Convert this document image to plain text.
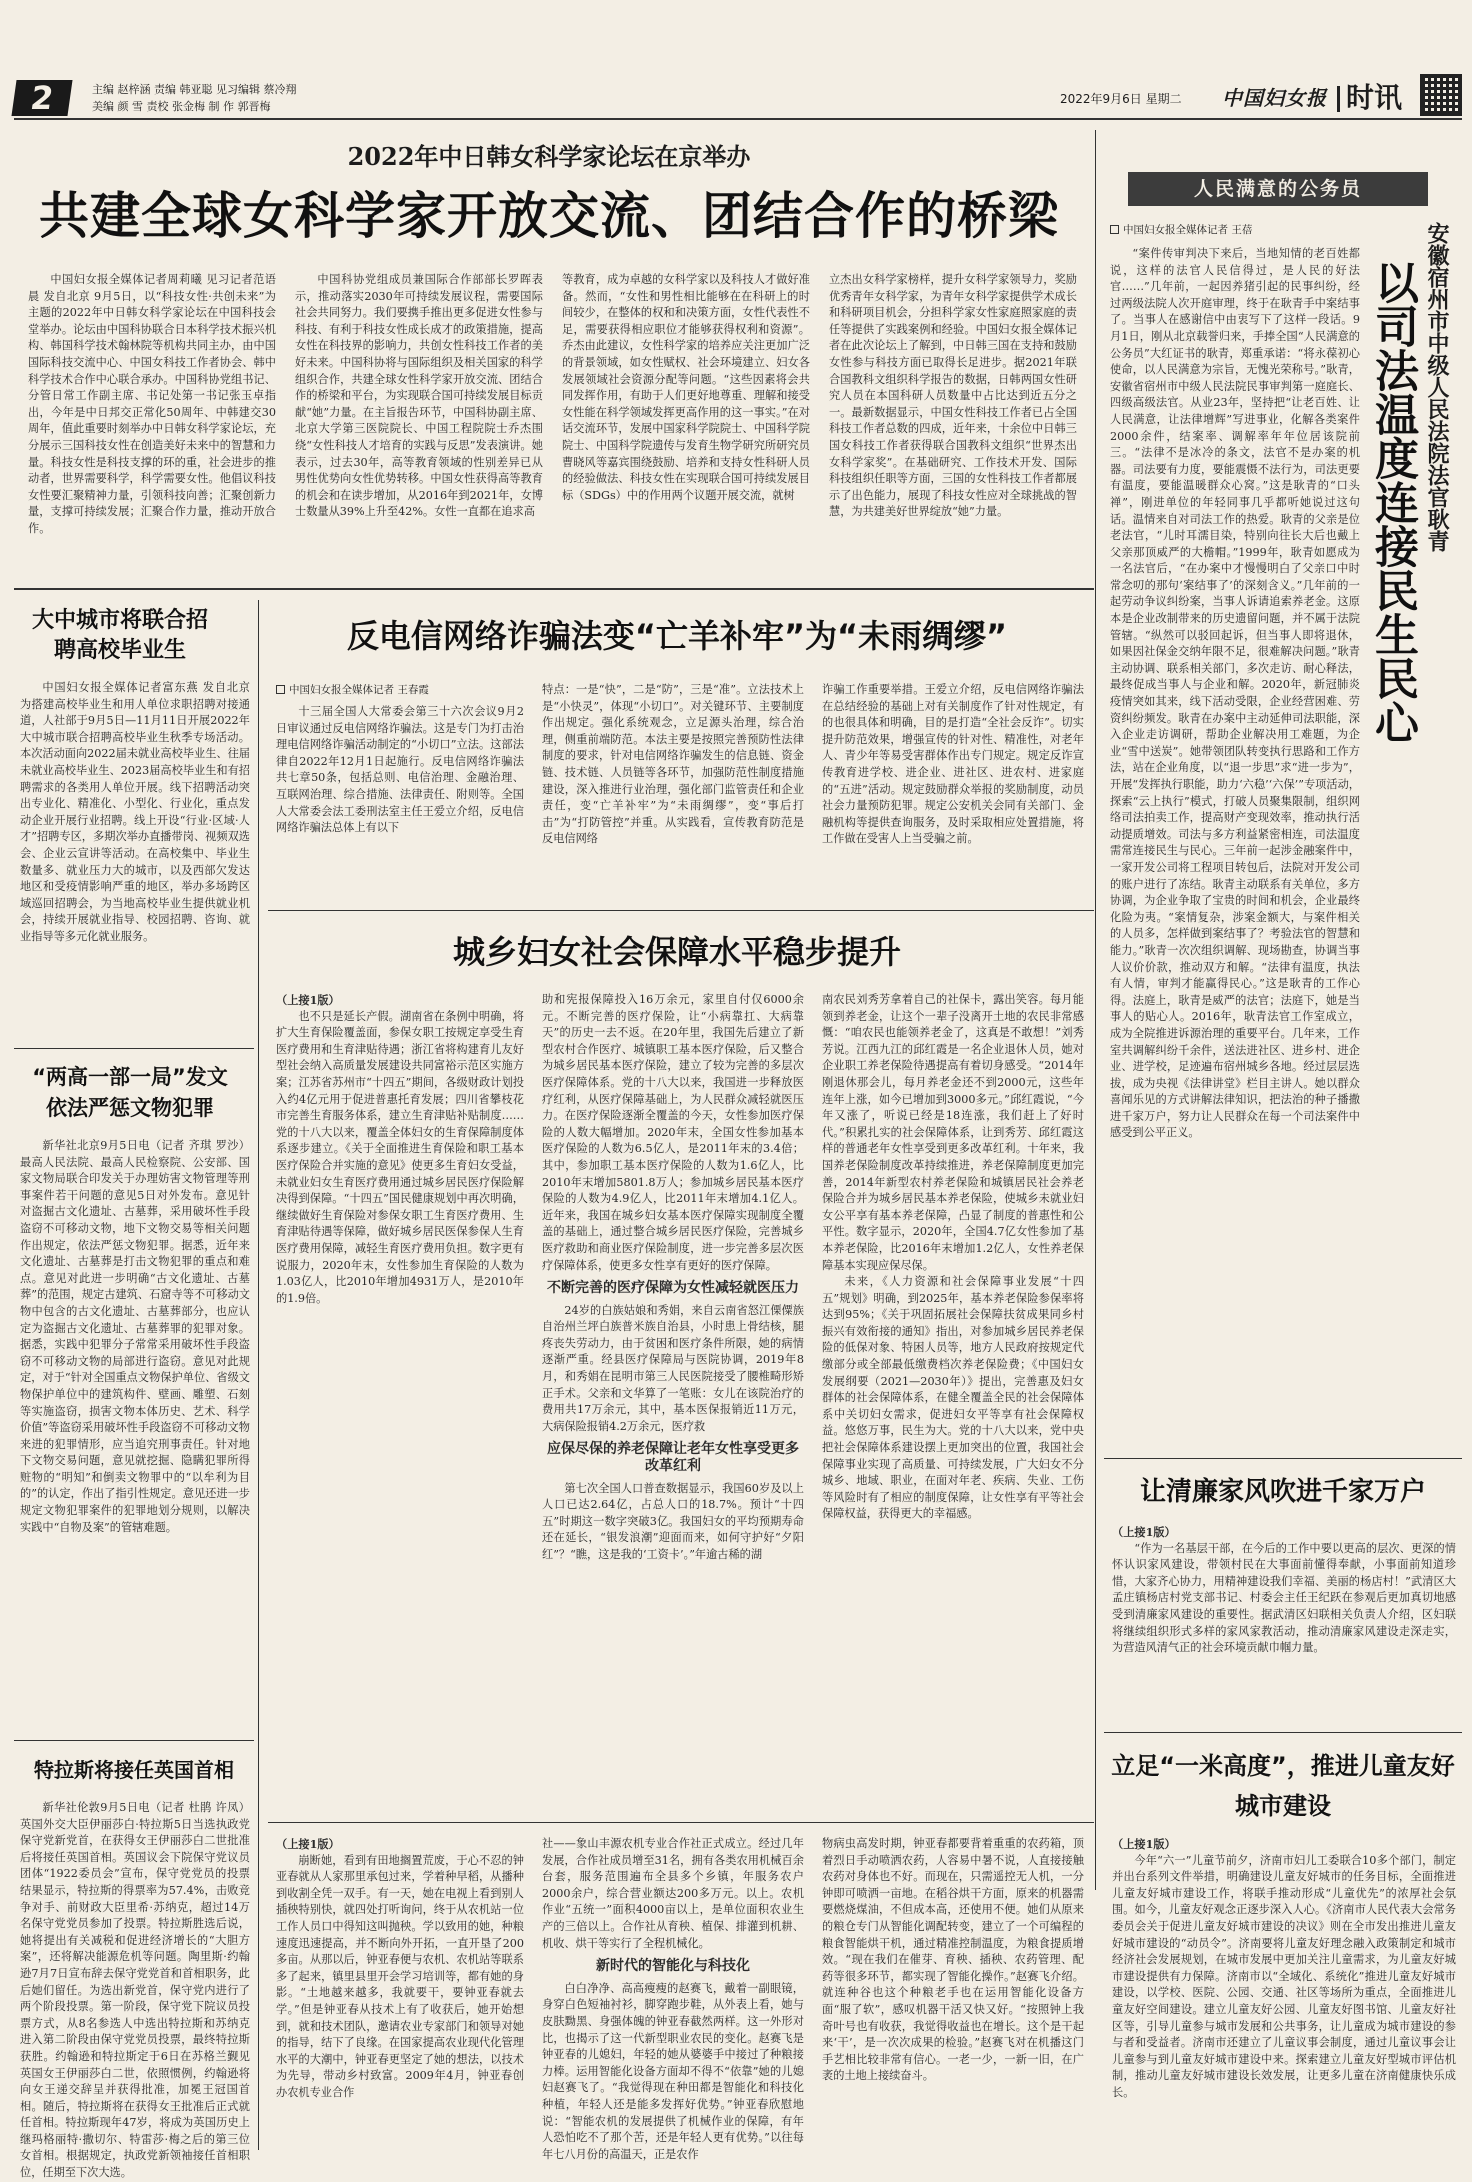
2	主编 赵梓涵 责编 韩亚聪 见习编辑 蔡冷翔
美编 颜 雪 责校 张金梅 制 作 郭晋梅
2022年9月6日 星期二	中国妇女报 时讯
2022年中日韩女科学家论坛在京举办
共建全球女科学家开放交流、团结合作的桥梁

中国妇女报全媒体记者周莉曦 见习记者范语晨 发自北京 9月5日，以“科技女性·共创未来”为主题的2022年中日韩女科学家论坛在中国科技会堂举办。论坛由中国科协联合日本科学技术振兴机构、韩国科学技术翰林院等机构共同主办，由中国国际科技交流中心、中国女科技工作者协会、韩中科学技术合作中心联合承办。中国科协党组书记、分管日常工作副主席、书记处第一书记张玉卓指出，今年是中日邦交正常化50周年、中韩建交30周年，值此重要时刻举办中日韩女科学家论坛，充分展示三国科技女性在创造美好未来中的智慧和力量。科技女性是科技支撑的环的重，社会进步的推动者，世界需要科学，科学需要女性。他倡议科技女性要汇聚精神力量，引领科技向善；汇聚创新力量，支撑可持续发展；汇聚合作力量，推动开放合作。

中国科协党组成员兼国际合作部部长罗晖表示，推动落实2030年可持续发展议程，需要国际社会共同努力。我们要携手推出更多促进女性参与科技、有利于科技女性成长成才的政策措施，提高女性在科技界的影响力，共创女性科技工作者的美好未来。中国科协将与国际组织及相关国家的科学组织合作，共建全球女性科学家开放交流、团结合作的桥梁和平台，为实现联合国可持续发展目标贡献“她”力量。在主旨报告环节，中国科协副主席、北京大学第三医院院长、中国工程院院士乔杰围绕“女性科技人才培育的实践与反思”发表演讲。她表示，过去30年，高等教育领域的性别差异已从男性优势向女性优势转移。中国女性获得高等教育的机会和在读步增加，从2016年到2021年，女博士数量从39%上升至42%。女性一直都在追求高

等教育，成为卓越的女科学家以及科技人才做好准备。然而，“女性和男性相比能够在在科研上的时间较少，在整体的权和和决策方面，女性代表性不足，需要获得相应职位才能够获得权利和资源”。乔杰由此建议，女性科学家的培养应关注更加广泛的背景领域，如女性赋权、社会环境建立、妇女各发展领域社会资源分配等问题。“这些因素将会共同发挥作用，有助于人们更好地尊重、理解和接受女性能在科学领域发挥更高作用的这一事实。”在对话交流环节，发展中国家科学院院士、中国科学院院士、中国科学院遗传与发育生物学研究所研究员曹晓风等嘉宾围绕鼓励、培养和支持女性科研人员的经验做法、科技女性在实现联合国可持续发展目标（SDGs）中的作用两个议题开展交流，就树

立杰出女科学家榜样，提升女科学家领导力，奖励优秀青年女科学家，为青年女科学家提供学术成长和科研项目机会，分担科学家女性家庭照家庭的责任等提供了实践案例和经验。中国妇女报全媒体记者在此次论坛上了解到，中日韩三国在支持和鼓励女性参与科技方面已取得长足进步。据2021年联合国教科文组织科学报告的数据，日韩两国女性研究人员在本国科研人员数量中占比达到近五分之一。最新数据显示，中国女性科技工作者已占全国科技工作者总数的四成，近年来，十余位中日韩三国女科技工作者获得联合国教科文组织“世界杰出女科学家奖”。在基础研究、工作技术开发、国际科技组织任职等方面，三国的女性科技工作者都展示了出色能力，展现了科技女性应对全球挑战的智慧，为共建美好世界绽放“她”力量。

大中城市将联合招聘高校毕业生

中国妇女报全媒体记者富东燕 发自北京 为搭建高校毕业生和用人单位求职招聘对接通道，人社部于9月5日—11月11日开展2022年大中城市联合招聘高校毕业生秋季专场活动。本次活动面向2022届未就业高校毕业生、往届未就业高校毕业生、2023届高校毕业生和有招聘需求的各类用人单位开展。线下招聘活动突出专业化、精准化、小型化、行业化，重点发动企业开展行业招聘。线上开设“行业·区域·人才”招聘专区，多期次举办直播带岗、视频双选会、企业云宣讲等活动。在高校集中、毕业生数量多、就业压力大的城市，以及西部欠发达地区和受疫情影响严重的地区，举办多场跨区域巡回招聘会，为当地高校毕业生提供就业机会，持续开展就业指导、校园招聘、咨询、就业指导等多元化就业服务。

“两高一部一局”发文依法严惩文物犯罪

新华社北京9月5日电（记者 齐琪 罗沙）最高人民法院、最高人民检察院、公安部、国家文物局联合印发关于办理妨害文物管理等刑事案件若干问题的意见5日对外发布。意见针对盗掘古文化遗址、古墓葬，采用破坏性手段盗窃不可移动文物，地下文物交易等相关问题作出规定，依法严惩文物犯罪。据悉，近年来文化遗址、古墓葬是打击文物犯罪的重点和难点。意见对此进一步明确“古文化遗址、古墓葬”的范围，规定古建筑、石窟寺等不可移动文物中包含的古文化遗址、古墓葬部分，也应认定为盗掘古文化遗址、古墓葬罪的犯罪对象。据悉，实践中犯罪分子常常采用破坏性手段盗窃不可移动文物的局部进行盗窃。意见对此规定，对于“针对全国重点文物保护单位、省级文物保护单位中的建筑构件、壁画、雕塑、石刻等实施盗窃，损害文物本体历史、艺术、科学价值”等盗窃采用破坏性手段盗窃不可移动文物来进的犯罪情形，应当追究刑事责任。针对地下文物交易问题，意见就挖掘、隐瞒犯罪所得赃物的“明知”和倒卖文物罪中的“以牟利为目的”的认定，作出了指引性规定。意见还进一步规定文物犯罪案件的犯罪地划分规则，以解决实践中“自物及案”的管辖难题。

特拉斯将接任英国首相

新华社伦敦9月5日电（记者 杜鹃 许凤）英国外交大臣伊丽莎白·特拉斯5日当选执政党保守党新党首，在获得女王伊丽莎白二世批准后将接任英国首相。英国议会下院保守党议员团体“1922委员会”宣布，保守党党员的投票结果显示，特拉斯的得票率为57.4%，击败竞争对手、前财政大臣里希·苏纳克，超过14万名保守党党员参加了投票。特拉斯胜选后说，她将提出有关减税和促进经济增长的“大胆方案”，还将解决能源危机等问题。陶里斯·约翰逊7月7日宣布辞去保守党党首和首相职务，此后她们留任。为选出新党首，保守党内进行了两个阶段投票。第一阶段，保守党下院议员投票方式，从8名参选人中选出特拉斯和苏纳克进入第二阶段由保守党党员投票，最终特拉斯获胜。约翰逊和特拉斯定于6日在苏格兰觐见英国女王伊丽莎白二世，依照惯例，约翰逊将向女王递交辞呈并获得批准，加冕王冠国首相。随后，特拉斯将在获得女王批准后正式就任首相。特拉斯现年47岁，将成为英国历史上继玛格丽特·撒切尔、特雷莎·梅之后的第三位女首相。根据规定，执政党新领袖接任首相职位，任期至下次大选。

反电信网络诈骗法变“亡羊补牢”为“未雨绸缪”
中国妇女报全媒体记者 王春霞

十三届全国人大常委会第三十六次会议9月2日审议通过反电信网络诈骗法。这是专门为打击治理电信网络诈骗活动制定的“小切口”立法。这部法律自2022年12月1日起施行。反电信网络诈骗法共七章50条，包括总则、电信治理、金融治理、互联网治理、综合措施、法律责任、附则等。全国人大常委会法工委刑法室主任王爱立介绍，反电信网络诈骗法总体上有以下

特点：一是“快”，二是“防”，三是“准”。立法技术上是“小快灵”，体现“小切口”。对关键环节、主要制度作出规定。强化系统观念，立足源头治理，综合治理，侧重前端防范。本法主要是按照完善预防性法律制度的要求，针对电信网络诈骗发生的信息链、资金链、技术链、人员链等各环节，加强防范性制度措施建设，深入推进行业治理，强化部门监管责任和企业责任，变“亡羊补牢”为“未雨绸缪”，变“事后打击”为“打防管控”并重。从实践看，宣传教育防范是反电信网络

诈骗工作重要举措。王爱立介绍，反电信网络诈骗法在总结经验的基础上对有关制度作了针对性规定，有的也很具体和明确，目的是打造“全社会反诈”。切实提升防范效果，增强宣传的针对性、精准性，对老年人、青少年等易受害群体作出专门规定。规定反诈宣传教育进学校、进企业、进社区、进农村、进家庭的“五进”活动。规定鼓励群众举报的奖励制度，动员社会力量预防犯罪。规定公安机关会同有关部门、金融机构等提供查询服务，及时采取相应处置措施，将工作做在受害人上当受骗之前。

城乡妇女社会保障水平稳步提升

（上接1版）

也不只是延长产假。湖南省在条例中明确，将扩大生育保险覆盖面，参保女职工按规定享受生育医疗费用和生育津贴待遇；浙江省将构建育儿友好型社会纳入高质量发展建设共同富裕示范区实施方案；江苏省苏州市“十四五”期间，各级财政计划投入约4亿元用于促进普惠托育发展；四川省攀枝花市完善生育服务体系，建立生育津贴补贴制度……党的十八大以来，覆盖全体妇女的生育保障制度体系逐步建立。《关于全面推进生育保险和职工基本医疗保险合并实施的意见》使更多生育妇女受益，未就业妇女生育医疗费用通过城乡居民医疗保险解决得到保障。“十四五”国民健康规划中再次明确，继续做好生育保险对参保女职工生育医疗费用、生育津贴待遇等保障，做好城乡居民医保参保人生育医疗费用保障，减轻生育医疗费用负担。数字更有说服力，2020年末，女性参加生育保险的人数为1.03亿人，比2010年增加4931万人，是2010年的1.9倍。

助和宪报保障投入16万余元，家里自付仅6000余元。不断完善的医疗保险，让“小病靠扛、大病靠天”的历史一去不返。在20年里，我国先后建立了新型农村合作医疗、城镇职工基本医疗保险，后又整合为城乡居民基本医疗保险，建立了较为完善的多层次医疗保障体系。党的十八大以来，我国进一步释放医疗红利，从医疗保障基础上，为人民群众减轻就医压力。在医疗保险逐渐全覆盖的今天，女性参加医疗保险的人数大幅增加。2020年末，全国女性参加基本医疗保险的人数为6.5亿人，是2011年末的3.4倍；其中，参加职工基本医疗保险的人数为1.6亿人，比2010年末增加5801.8万人；参加城乡居民基本医疗保险的人数为4.9亿人，比2011年末增加4.1亿人。近年来，我国在城乡妇女基本医疗保障实现制度全覆盖的基础上，通过整合城乡居民医疗保险，完善城乡医疗救助和商业医疗保险制度，进一步完善多层次医疗保障体系，使更多女性享有更好的医疗保障。

不断完善的医疗保障为女性减轻就医压力

24岁的白族姑娘和秀娟，来自云南省怒江傈僳族自治州兰坪白族普米族自治县，小时患上骨结核，腿疼丧失劳动力，由于贫困和医疗条件所限，她的病情逐渐严重。经县医疗保障局与医院协调，2019年8月，和秀娟在昆明市第三人民医院接受了腰椎畸形矫正手术。父亲和文华算了一笔账：女儿在该院治疗的费用共17万余元，其中，基本医保报销近11万元，大病保险报销4.2万余元，医疗救

应保尽保的养老保障让老年女性享受更多改革红利

第七次全国人口普查数据显示，我国60岁及以上人口已达2.64亿，占总人口的18.7%。预计“十四五”时期这一数字突破3亿。我国妇女的平均预期寿命还在延长，“银发浪潮”迎面而来，如何守护好“夕阳红”？“瞧，这是我的‘工资卡’。”年逾古稀的湖

南农民刘秀芳拿着自己的社保卡，露出笑容。每月能领到养老金，让这个一辈子没离开土地的农民非常感慨：“咱农民也能领养老金了，这真是不敢想！”刘秀芳说。江西九江的邱红霞是一名企业退休人员，她对企业职工养老保险待遇提高有着切身感受。“2014年刚退休那会儿，每月养老金还不到2000元，这些年连年上涨，如今已增加到3000多元。”邱红霞说，“今年又涨了，听说已经是18连涨，我们赶上了好时代。”积累扎实的社会保障体系，让到秀芳、邱红霞这样的普通老年女性享受到更多改革红利。十年来，我国养老保险制度改革持续推进，养老保障制度更加完善，2014年新型农村养老保险和城镇居民社会养老保险合并为城乡居民基本养老保险，使城乡未就业妇女公平享有基本养老保障，凸显了制度的普惠性和公平性。数字显示，2020年，全国4.7亿女性参加了基本养老保险，比2016年末增加1.2亿人，女性养老保障基本实现应保尽保。

未来，《人力资源和社会保障事业发展“十四五”规划》明确，到2025年，基本养老保险参保率将达到95%；《关于巩固拓展社会保障扶贫成果同乡村振兴有效衔接的通知》指出，对参加城乡居民养老保险的低保对象、特困人员等，地方人民政府按规定代缴部分或全部最低缴费档次养老保险费；《中国妇女发展纲要（2021—2030年）》提出，完善惠及妇女群体的社会保障体系，在健全覆盖全民的社会保障体系中关切妇女需求，促进妇女平等享有社会保障权益。悠悠万事，民生为大。党的十八大以来，党中央把社会保障体系建设摆上更加突出的位置，我国社会保障事业实现了高质量、可持续发展，广大妇女不分城乡、地域、职业，在面对年老、疾病、失业、工伤等风险时有了相应的制度保障，让女性享有平等社会保障权益，获得更大的幸福感。

（上接1版）

崩断她，看到有田地搁置荒废，于心不忍的钟亚春就从人家那里承包过来，学着种早稻，从播种到收割全凭一双手。有一天，她在电视上看到别人插秧特别快，就四处打听询问，终于从农机站一位工作人员口中得知这叫抛秧。学以致用的她，种粮速度迅速提高，并不断向外开拓，一直开垦了200多亩。从那以后，钟亚春便与农机、农机站等联系多了起来，镇里县里开会学习培训等，都有她的身影。“土地越来越多，我就要干，要钟亚春就去学。”但是钟亚春从技术上有了收获后，她开始想到，就和技术团队，邀请农业专家部门和领导对她的指导，结下了良缘。在国家提高农业现代化管理水平的大潮中，钟亚春更坚定了她的想法，以技术为先导，带动乡村致富。2009年4月，钟亚春创办农机专业合作

社——象山丰源农机专业合作社正式成立。经过几年发展，合作社成员增至31名，拥有各类农用机械百余台套，服务范围遍布全县多个乡镇，年服务农户2000余户，综合营业额达200多万元。以上。农机作业“五统一”面积4000亩以上，是单位面积农业生产的三倍以上。合作社从育秧、植保、排灌到机耕、机收、烘干等实行了全程机械化。

新时代的智能化与科技化

白白净净、高高瘦瘦的赵赛飞，戴着一副眼镜，身穿白色短袖衬衫，脚穿跑步鞋，从外表上看，她与皮肤黝黑、身强体魄的钟亚春截然两样。这一外形对比，也揭示了这一代新型职业农民的变化。赵赛飞是钟亚春的儿媳妇，年轻的她从婆婆手中接过了种粮接力棒。运用智能化设备方面却不得不“依靠”她的儿媳妇赵赛飞了。“我觉得现在种田都是智能化和科技化种植，年轻人还是能多发挥好优势。”钟亚春欣慰地说：“智能农机的发展提供了机械作业的保障，有年人恐怕吃不了那个苦，还是年轻人更有优势。”以往每年七八月份的高温天，正是农作

物病虫高发时期，钟亚春都要背着重重的农药箱，顶着烈日手动喷洒农药，人容易中暑不说，人直接接触农药对身体也不好。而现在，只需遥控无人机，一分钟即可喷洒一亩地。在稻谷烘干方面，原来的机器需要燃烧煤油，不但成本高，还使用不便。她们从原来的粮仓专门从智能化调配转变，建立了一个可编程的粮食智能烘干机，通过精准控制温度，为粮食提质增效。“现在我们在催芽、育秧、插秧、农药管理、配药等很多环节，都实现了智能化操作。”赵赛飞介绍。就连种谷也这个种粮老手也在运用智能化设备方面“服了软”，感叹机器干活又快又好。“按照钟上我奇叶号也有收获，我觉得收益也在增长。这个是干起来‘干’，是一次次成果的检验。”赵赛飞对在机播这门手艺相比较非常有信心。一老一少，一新一旧，在广袤的土地上接续奋斗。

人民满意的公务员
安徽宿州市中级人民法院法官耿青
以司法温度连接民生民心
中国妇女报全媒体记者 王蓓

“案件传审判决下来后，当地知情的老百姓都说，这样的法官人民信得过，是人民的好法官……”几年前，一起因养猪引起的民事纠纷，经过两级法院人次开庭审理，终于在耿青手中案结事了。当事人在感谢信中由衷写下了这样一段话。9月1日，刚从北京载誉归来，手捧全国“人民满意的公务员”大红证书的耿青，郑重承诺：“将永葆初心使命，以人民满意为宗旨，无愧光荣称号。”耿青，安徽省宿州市中级人民法院民事审判第一庭庭长、四级高级法官。从业23年，坚持把“让老百姓、让人民满意，让法律增辉”写进事业，化解各类案件2000余件，结案率、调解率年年位居该院前三。“法律不是冰冷的条文，法官不是办案的机器。司法要有力度，要能震慑不法行为，司法更要有温度，要能温暖群众心窝。”这是耿青的“口头禅”，刚进单位的年轻同事几乎都听她说过这句话。温情来自对司法工作的热爱。耿青的父亲是位老法官，“儿时耳濡目染，特别向往长大后也戴上父亲那顶威严的大檐帽。”1999年，耿青如愿成为一名法官后，“在办案中才慢慢明白了父亲口中时常念叨的那句‘案结事了’的深刻含义。”几年前的一起劳动争议纠纷案，当事人诉请追索养老金。这原本是企业改制带来的历史遗留问题，并不属于法院管辖。“纵然可以驳回起诉，但当事人即将退休，如果因社保金交纳年限不足，很难解决问题。”耿青主动协调、联系相关部门，多次走访、耐心释法，最终促成当事人与企业和解。2020年，新冠肺炎疫情突如其来，线下活动受限，企业经营困难、劳资纠纷频发。耿青在办案中主动延伸司法职能，深入企业走访调研，帮助企业解决用工难题，为企业“雪中送炭”。她带领团队转变执行思路和工作方法，站在企业角度，以“退一步思”求“进一步为”，开展“发挥执行职能，助力‘六稳’‘六保’”专项活动，探索“云上执行”模式，打破人员聚集限制，组织网络司法拍卖工作，提高财产变现效率，推动执行活动提质增效。司法与多方利益紧密相连，司法温度需常连接民生与民心。三年前一起涉金融案件中，一家开发公司将工程项目转包后，法院对开发公司的账户进行了冻结。耿青主动联系有关单位，多方协调，为企业争取了宝贵的时间和机会，企业最终化险为夷。“案情复杂，涉案金额大，与案件相关的人员多，怎样做到案结事了？考验法官的智慧和能力。”耿青一次次组织调解、现场勘查，协调当事人议价价款，推动双方和解。“法律有温度，执法有人情，审判才能赢得民心。”这是耿青的工作心得。法庭上，耿青是威严的法官；法庭下，她是当事人的贴心人。2016年，耿青法官工作室成立，成为全院推进诉源治理的重要平台。几年来，工作室共调解纠纷千余件，送法进社区、进乡村、进企业、进学校，足迹遍布宿州城乡各地。经过层层选拔，成为央视《法律讲堂》栏目主讲人。她以群众喜闻乐见的方式讲解法律知识，把法治的种子播撒进千家万户，努力让人民群众在每一个司法案件中感受到公平正义。

让清廉家风吹进千家万户

（上接1版）

“作为一名基层干部，在今后的工作中要以更高的层次、更深的情怀认识家风建设，带领村民在大事面前懂得奉献，小事面前知道珍惜，大家齐心协力，用精神建设我们幸福、美丽的杨店村！”武清区大孟庄镇杨店村党支部书记、村委会主任王纪跃在参观后更加真切地感受到清廉家风建设的重要性。据武清区妇联相关负责人介绍，区妇联将继续组织形式多样的家风家教活动，推动清廉家风建设走深走实，为营造风清气正的社会环境贡献巾帼力量。

立足“一米高度”，推进儿童友好城市建设

（上接1版）

今年“六一”儿童节前夕，济南市妇儿工委联合10多个部门，制定并出台系列文件举措，明确建设儿童友好城市的任务目标，全面推进儿童友好城市建设工作，将联手推动形成“儿童优先”的浓厚社会氛围。如今，儿童友好观念正逐步深入人心。《济南市人民代表大会常务委员会关于促进儿童友好城市建设的决议》则在全市发出推进儿童友好城市建设的“动员令”。济南要将儿童友好理念融入政策制定和城市经济社会发展规划，在城市发展中更加关注儿童需求，为儿童友好城市建设提供有力保障。济南市以“全域化、系统化”推进儿童友好城市建设，以学校、医院、公园、交通、社区等场所为重点，全面推进儿童友好空间建设。建立儿童友好公园、儿童友好图书馆、儿童友好社区等，引导儿童参与城市发展和公共事务，让儿童成为城市建设的参与者和受益者。济南市还建立了儿童议事会制度，通过儿童议事会让儿童参与到儿童友好城市建设中来。探索建立儿童友好型城市评估机制，推动儿童友好城市建设长效发展，让更多儿童在济南健康快乐成长。
